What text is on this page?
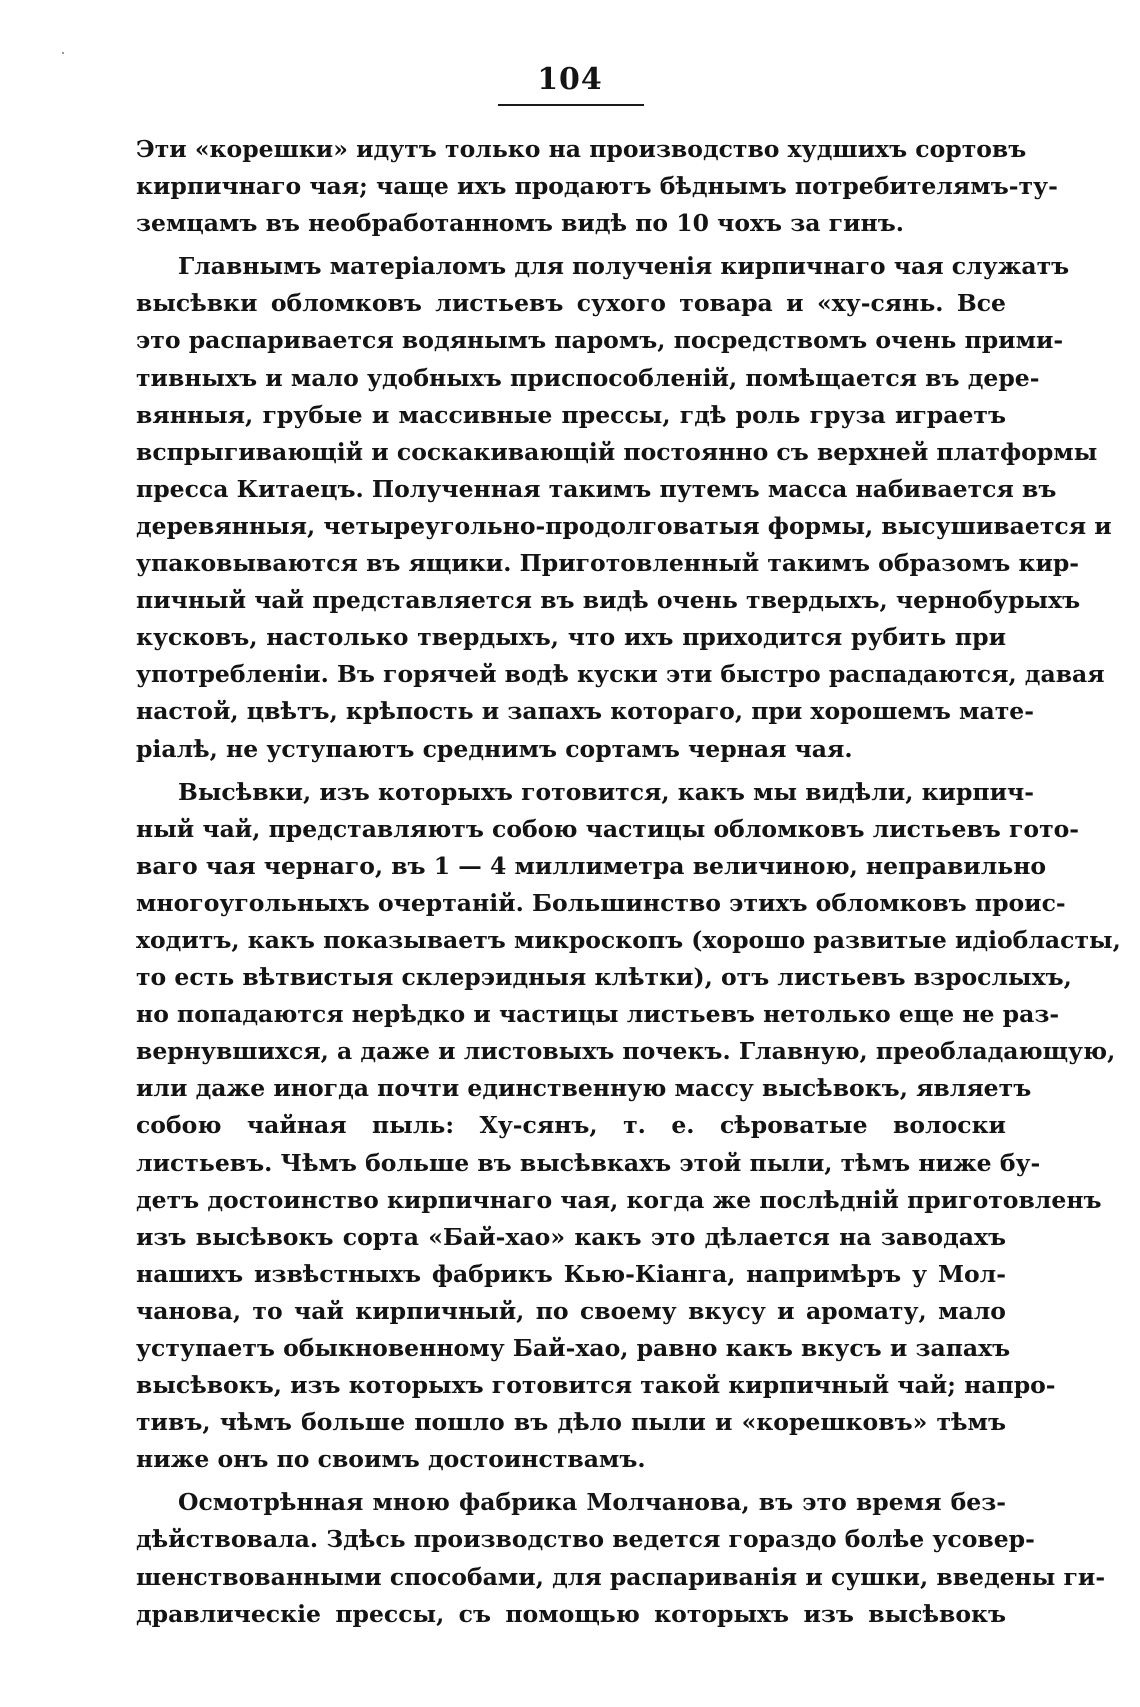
104
Эти «корешки» идутъ только на производство худшихъ сортовъ
кирпичнаго чая; чаще ихъ продаютъ бѣднымъ потребителямъ-ту-
земцамъ въ необработанномъ видѣ по 10 чохъ за гинъ.
Главнымъ матеріаломъ для полученія кирпичнаго чая служатъ
высѣвки обломковъ листьевъ сухого товара и «ху-сянь. Все
это распаривается водянымъ паромъ, посредствомъ очень прими-
тивныхъ и мало удобныхъ приспособленій, помѣщается въ дере-
вянныя, грубые и массивные прессы, гдѣ роль груза играетъ
вспрыгивающій и соскакивающій постоянно съ верхней платформы
пресса Китаецъ. Полученная такимъ путемъ масса набивается въ
деревянныя, четыреугольно-продолговатыя формы, высушивается и
упаковываются въ ящики. Приготовленный такимъ образомъ кир-
пичный чай представляется въ видѣ очень твердыхъ, чернобурыхъ
кусковъ, настолько твердыхъ, что ихъ приходится рубить при
употребленіи. Въ горячей водѣ куски эти быстро распадаются, давая
настой, цвѣтъ, крѣпость и запахъ котораго, при хорошемъ мате-
ріалѣ, не уступаютъ среднимъ сортамъ черная чая.
Высѣвки, изъ которыхъ готовится, какъ мы видѣли, кирпич-
ный чай, представляютъ собою частицы обломковъ листьевъ гото-
ваго чая чернаго, въ 1 — 4 миллиметра величиною, неправильно
многоугольныхъ очертаній. Большинство этихъ обломковъ проис-
ходитъ, какъ показываетъ микроскопъ (хорошо развитые идіобласты,
то есть вѣтвистыя склерэидныя клѣтки), отъ листьевъ взрослыхъ,
но попадаются нерѣдко и частицы листьевъ нетолько еще не раз-
вернувшихся, а даже и листовыхъ почекъ. Главную, преобладающую,
или даже иногда почти единственную массу высѣвокъ, являетъ
собою чайная пыль: Ху-сянъ, т. е. сѣроватые волоски
листьевъ. Чѣмъ больше въ высѣвкахъ этой пыли, тѣмъ ниже бу-
детъ достоинство кирпичнаго чая, когда же послѣдній приготовленъ
изъ высѣвокъ сорта «Бай-хао» какъ это дѣлается на заводахъ
нашихъ извѣстныхъ фабрикъ Кью-Кіанга, напримѣръ у Мол-
чанова, то чай кирпичный, по своему вкусу и аромату, мало
уступаетъ обыкновенному Бай-хао, равно какъ вкусъ и запахъ
высѣвокъ, изъ которыхъ готовится такой кирпичный чай; напро-
тивъ, чѣмъ больше пошло въ дѣло пыли и «корешковъ» тѣмъ
ниже онъ по своимъ достоинствамъ.
Осмотрѣнная мною фабрика Молчанова, въ это время без-
дѣйствовала. Здѣсь производство ведется гораздо болѣе усовер-
шенствованными способами, для распариванія и сушки, введены ги-
дравлическіе прессы, съ помощью которыхъ изъ высѣвокъ
